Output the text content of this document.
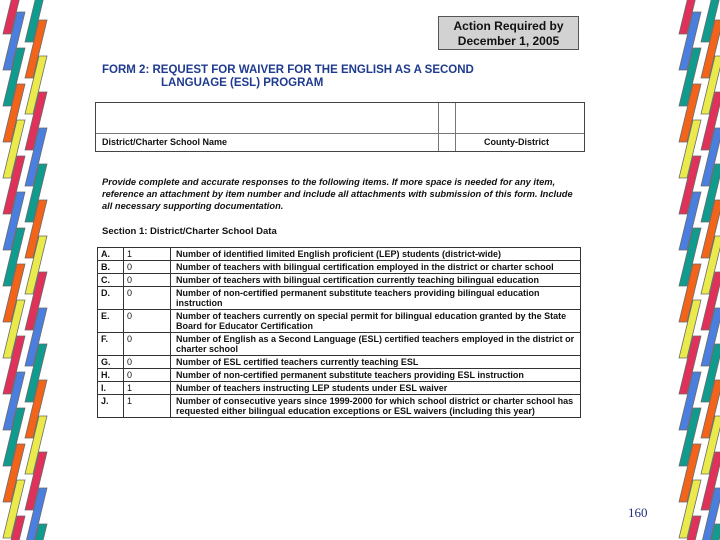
Action Required by
December 1, 2005
FORM 2: REQUEST FOR WAIVER FOR THE ENGLISH AS A SECOND
LANGUAGE (ESL) PROGRAM
District/Charter School Name	County-District
Provide complete and accurate responses to the following items. If more space is needed for any item, reference an attachment by item number and include all attachments with submission of this form. Include all necessary supporting documentation.
Section 1: District/Charter School Data
A.	1	Number of identified limited English proficient (LEP) students (district-wide)
B.	0	Number of teachers with bilingual certification employed in the district or charter school
C.	0	Number of teachers with bilingual certification currently teaching bilingual education
D.	0	Number of non-certified permanent substitute teachers providing bilingual education instruction
E.	0	Number of teachers currently on special permit for bilingual education granted by the State Board for Educator Certification
F.	0	Number of English as a Second Language (ESL) certified teachers employed in the district or charter school
G.	0	Number of ESL certified teachers currently teaching ESL
H.	0	Number of non-certified permanent substitute teachers providing ESL instruction
I.	1	Number of teachers instructing LEP students under ESL waiver
J.	1	Number of consecutive years since 1999-2000 for which school district or charter school has requested either bilingual education exceptions or ESL waivers (including this year)
160
